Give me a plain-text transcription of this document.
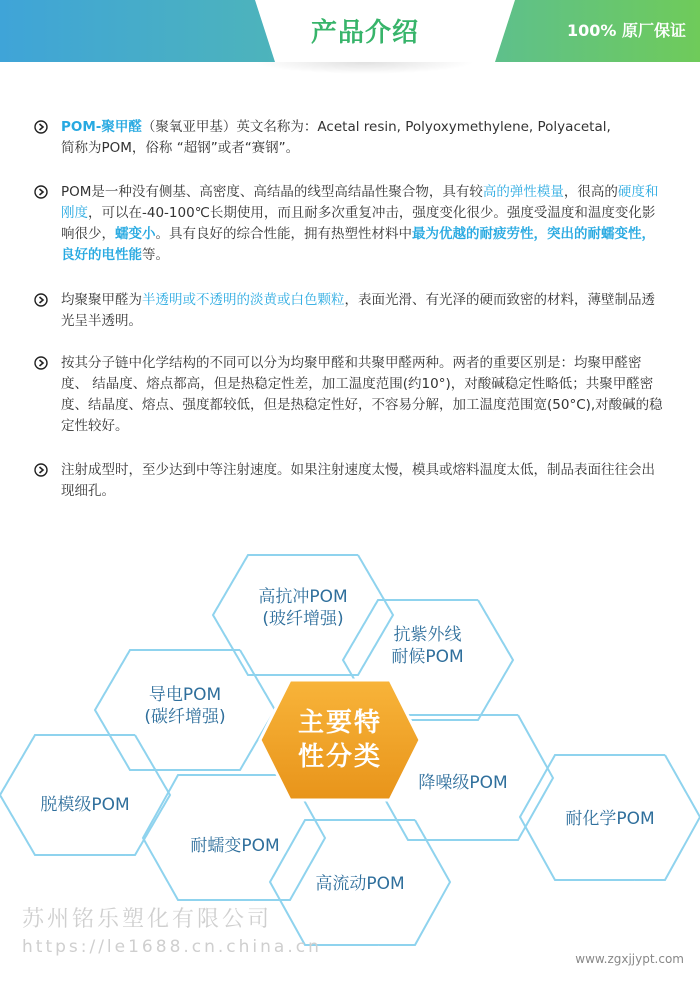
产品介绍	100% 原厂保证
POM-聚甲醛（聚氧亚甲基）英文名称为：Acetal resin, Polyoxymethylene, Polyacetal,
简称为POM，俗称 “超钢”或者“赛钢”。
POM是一种没有侧基、高密度、高结晶的线型高结晶性聚合物，具有较高的弹性模量，很高的硬度和刚度，可以在-40-100℃长期使用，而且耐多次重复冲击，强度变化很少。强度受温度和温度变化影响很少，蠕变小。具有良好的综合性能，拥有热塑性材料中最为优越的耐疲劳性，突出的耐蠕变性，良好的电性能等。
均聚聚甲醛为半透明或不透明的淡黄或白色颗粒，表面光滑、有光泽的硬而致密的材料，薄壁制品透光呈半透明。
按其分子链中化学结构的不同可以分为均聚甲醛和共聚甲醛两种。两者的重要区别是：均聚甲醛密度、 结晶度、熔点都高，但是热稳定性差，加工温度范围(约10°)，对酸碱稳定性略低；共聚甲醛密度、结晶度、熔点、强度都较低，但是热稳定性好，不容易分解，加工温度范围宽(50°C),对酸碱的稳定性较好。
注射成型时，至少达到中等注射速度。如果注射速度太慢，模具或熔料温度太低，制品表面往往会出现细孔。
主要特
性分类
高抗冲POM
(玻纤增强)
抗紫外线
耐候POM
导电POM
(碳纤增强)
脱模级POM
耐蠕变POM
降噪级POM
耐化学POM
高流动POM
苏州铭乐塑化有限公司
https://le1688.cn.china.cn
www.zgxjjypt.com
